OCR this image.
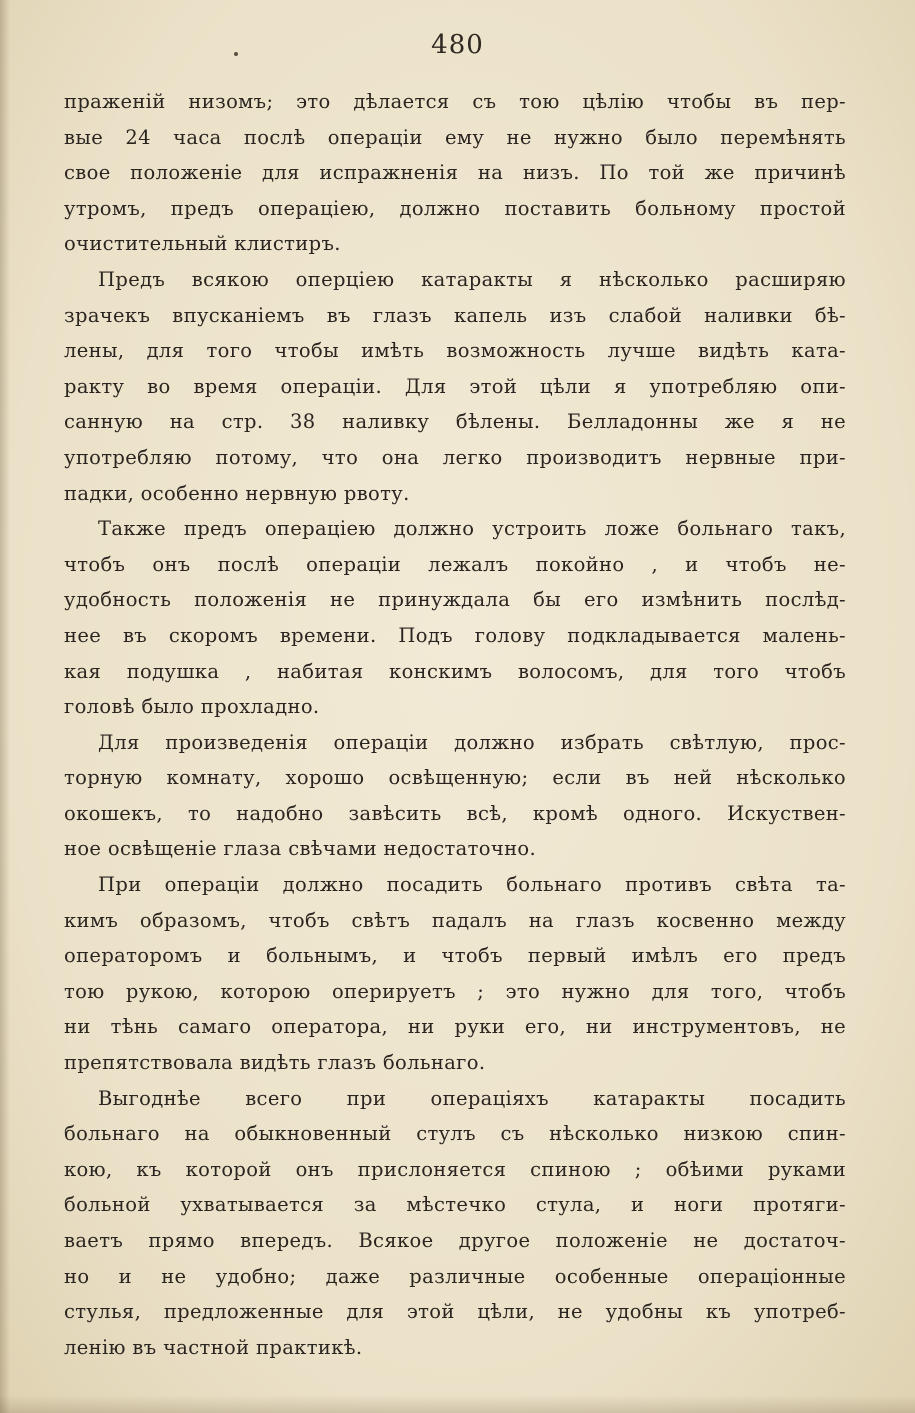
480
праженій низомъ; это дѣлается съ тою цѣлію чтобы въ пер-
вые 24 часа послѣ операціи ему не нужно было перемѣнять
свое положеніе для испражненія на низъ. По той же причинѣ
утромъ, предъ операціею, должно поставить больному простой
очистительный клистиръ.
Предъ всякою оперціею катаракты я нѣсколько расширяю
зрачекъ впусканіемъ въ глазъ капель изъ слабой наливки бѣ-
лены, для того чтобы имѣть возможность лучше видѣть ката-
ракту во время операціи. Для этой цѣли я употребляю опи-
санную на стр. 38 наливку бѣлены. Белладонны же я не
употребляю потому, что она легко производитъ нервные при-
падки, особенно нервную рвоту.
Также предъ операціею должно устроить ложе больнаго такъ,
чтобъ онъ послѣ операціи лежалъ покойно , и чтобъ не-
удобность положенія не принуждала бы его измѣнить послѣд-
нее въ скоромъ времени. Подъ голову подкладывается малень-
кая подушка , набитая конскимъ волосомъ, для того чтобъ
головѣ было прохладно.
Для произведенія операціи должно избрать свѣтлую, прос-
торную комнату, хорошо освѣщенную; если въ ней нѣсколько
окошекъ, то надобно завѣсить всѣ, кромѣ одного. Искуствен-
ное освѣщеніе глаза свѣчами недостаточно.
При операціи должно посадить больнаго противъ свѣта та-
кимъ образомъ, чтобъ свѣтъ падалъ на глазъ косвенно между
операторомъ и больнымъ, и чтобъ первый имѣлъ его предъ
тою рукою, которою оперируетъ ; это нужно для того, чтобъ
ни тѣнь самаго оператора, ни руки его, ни инструментовъ, не
препятствовала видѣть глазъ больнаго.
Выгоднѣе всего при операціяхъ катаракты посадить
больнаго на обыкновенный стулъ съ нѣсколько низкою спин-
кою, къ которой онъ прислоняется спиною ; обѣими руками
больной ухватывается за мѣстечко стула, и ноги протяги-
ваетъ прямо впередъ. Всякое другое положеніе не достаточ-
но и не удобно; даже различные особенные операціонные
стулья, предложенные для этой цѣли, не удобны къ употреб-
ленію въ частной практикѣ.
